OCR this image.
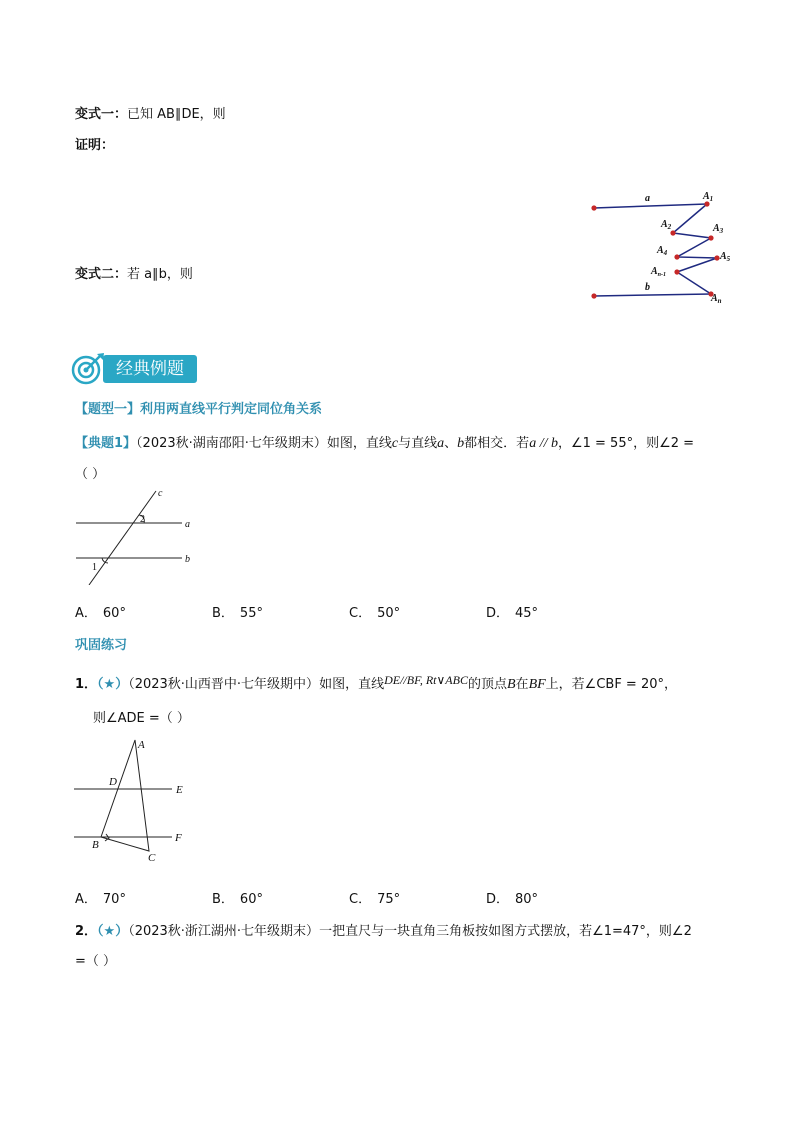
变式一：已知 AB∥DE，则
证明：
变式二：若 a∥b，则
a
b
$A_1$
$A_2$	$A_3$
$A_4$	$A_5$
$A_{n-1}$
$A_n$
经典例题
【题型一】利用两直线平行判定同位角关系
【典题1】（2023秋·湖南邵阳·七年级期末）如图，直线c与直线a、b都相交．若a // b，∠1 = 55°，则∠2 =
（ ）
c
a
b
2
1
A． 60°	B． 55°	C． 50°	D． 45°
巩固练习
1．（★）（2023秋·山西晋中·七年级期中）如图，直线DE//BF, Rt∨ABC的顶点B在BF上，若∠CBF = 20°，
则∠ADE =（ ）
A
D
E
F
B
C
A． 70°	B． 60°	C． 75°	D． 80°
2．（★）（2023秋·浙江湖州·七年级期末）一把直尺与一块直角三角板按如图方式摆放，若∠1=47°，则∠2
=（ ）
